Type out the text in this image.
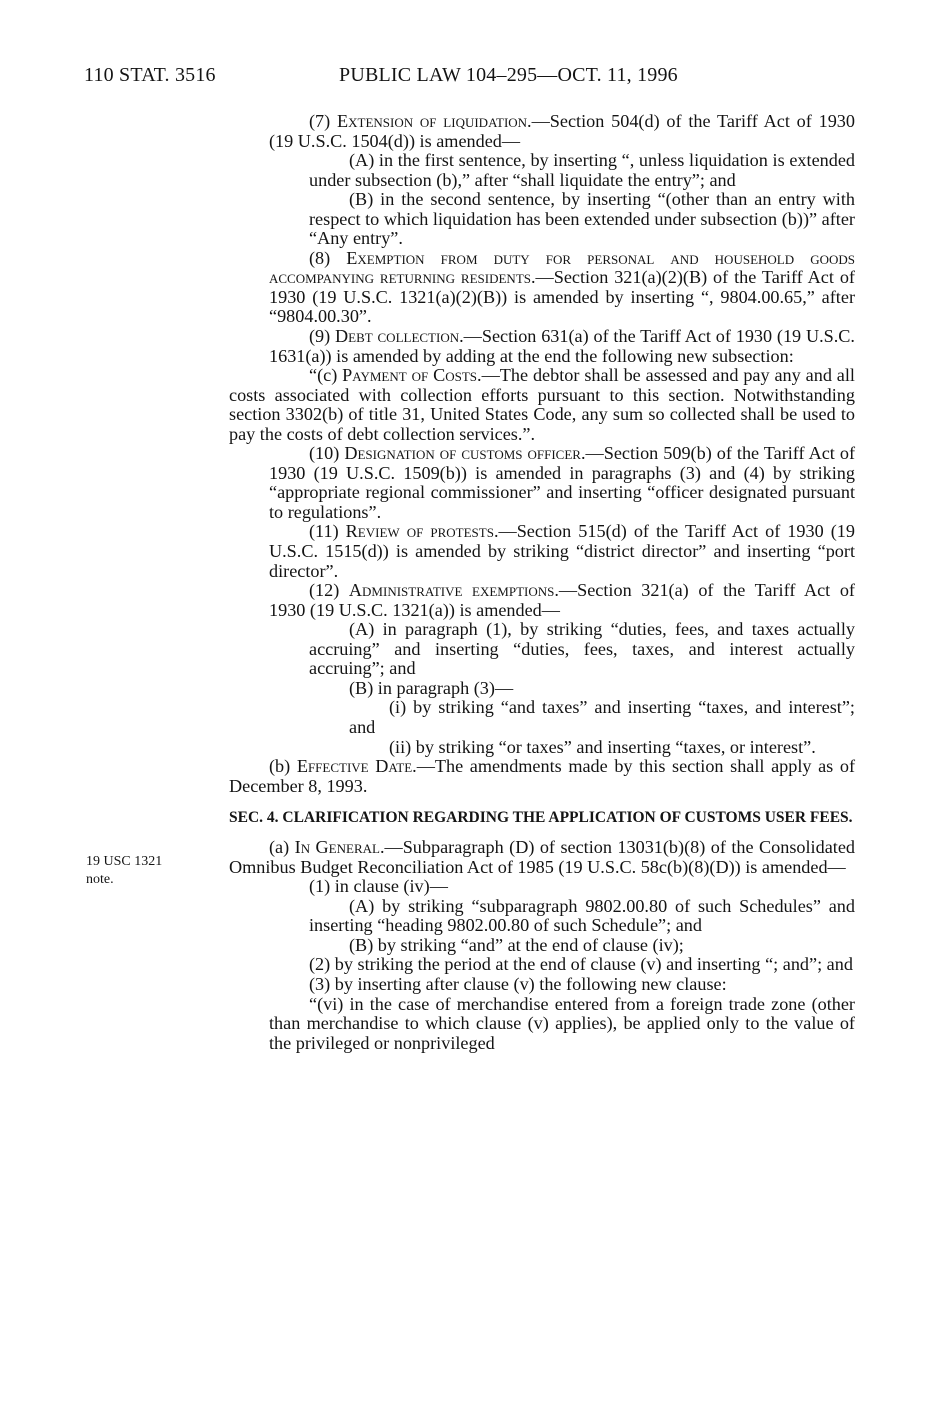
110 STAT. 3516	PUBLIC LAW 104–295—OCT. 11, 1996
19 USC 1321
note.

(7) Extension of liquidation.—Section 504(d) of the Tariff Act of 1930 (19 U.S.C. 1504(d)) is amended—

(A) in the first sentence, by inserting “, unless liquidation is extended under subsection (b),” after “shall liquidate the entry”; and

(B) in the second sentence, by inserting “(other than an entry with respect to which liquidation has been extended under subsection (b))” after “Any entry”.

(8) Exemption from duty for personal and household goods accompanying returning residents.—Section 321(a)(2)(B) of the Tariff Act of 1930 (19 U.S.C. 1321(a)(2)(B)) is amended by inserting “, 9804.00.65,” after “9804.00.30”.

(9) Debt collection.—Section 631(a) of the Tariff Act of 1930 (19 U.S.C. 1631(a)) is amended by adding at the end the following new subsection:

“(c) Payment of Costs.—The debtor shall be assessed and pay any and all costs associated with collection efforts pursuant to this section. Notwithstanding section 3302(b) of title 31, United States Code, any sum so collected shall be used to pay the costs of debt collection services.”.

(10) Designation of customs officer.—Section 509(b) of the Tariff Act of 1930 (19 U.S.C. 1509(b)) is amended in paragraphs (3) and (4) by striking “appropriate regional commissioner” and inserting “officer designated pursuant to regulations”.

(11) Review of protests.—Section 515(d) of the Tariff Act of 1930 (19 U.S.C. 1515(d)) is amended by striking “district director” and inserting “port director”.

(12) Administrative exemptions.—Section 321(a) of the Tariff Act of 1930 (19 U.S.C. 1321(a)) is amended—

(A) in paragraph (1), by striking “duties, fees, and taxes actually accruing” and inserting “duties, fees, taxes, and interest actually accruing”; and

(B) in paragraph (3)—

(i) by striking “and taxes” and inserting “taxes, and interest”; and

(ii) by striking “or taxes” and inserting “taxes, or interest”.

(b) Effective Date.—The amendments made by this section shall apply as of December 8, 1993.

SEC. 4. CLARIFICATION REGARDING THE APPLICATION OF CUSTOMS USER FEES.

(a) In General.—Subparagraph (D) of section 13031(b)(8) of the Consolidated Omnibus Budget Reconciliation Act of 1985 (19 U.S.C. 58c(b)(8)(D)) is amended—

(1) in clause (iv)—

(A) by striking “subparagraph 9802.00.80 of such Schedules” and inserting “heading 9802.00.80 of such Schedule”; and

(B) by striking “and” at the end of clause (iv);

(2) by striking the period at the end of clause (v) and inserting “; and”; and

(3) by inserting after clause (v) the following new clause:

“(vi) in the case of merchandise entered from a foreign trade zone (other than merchandise to which clause (v) applies), be applied only to the value of the privileged or nonprivileged
